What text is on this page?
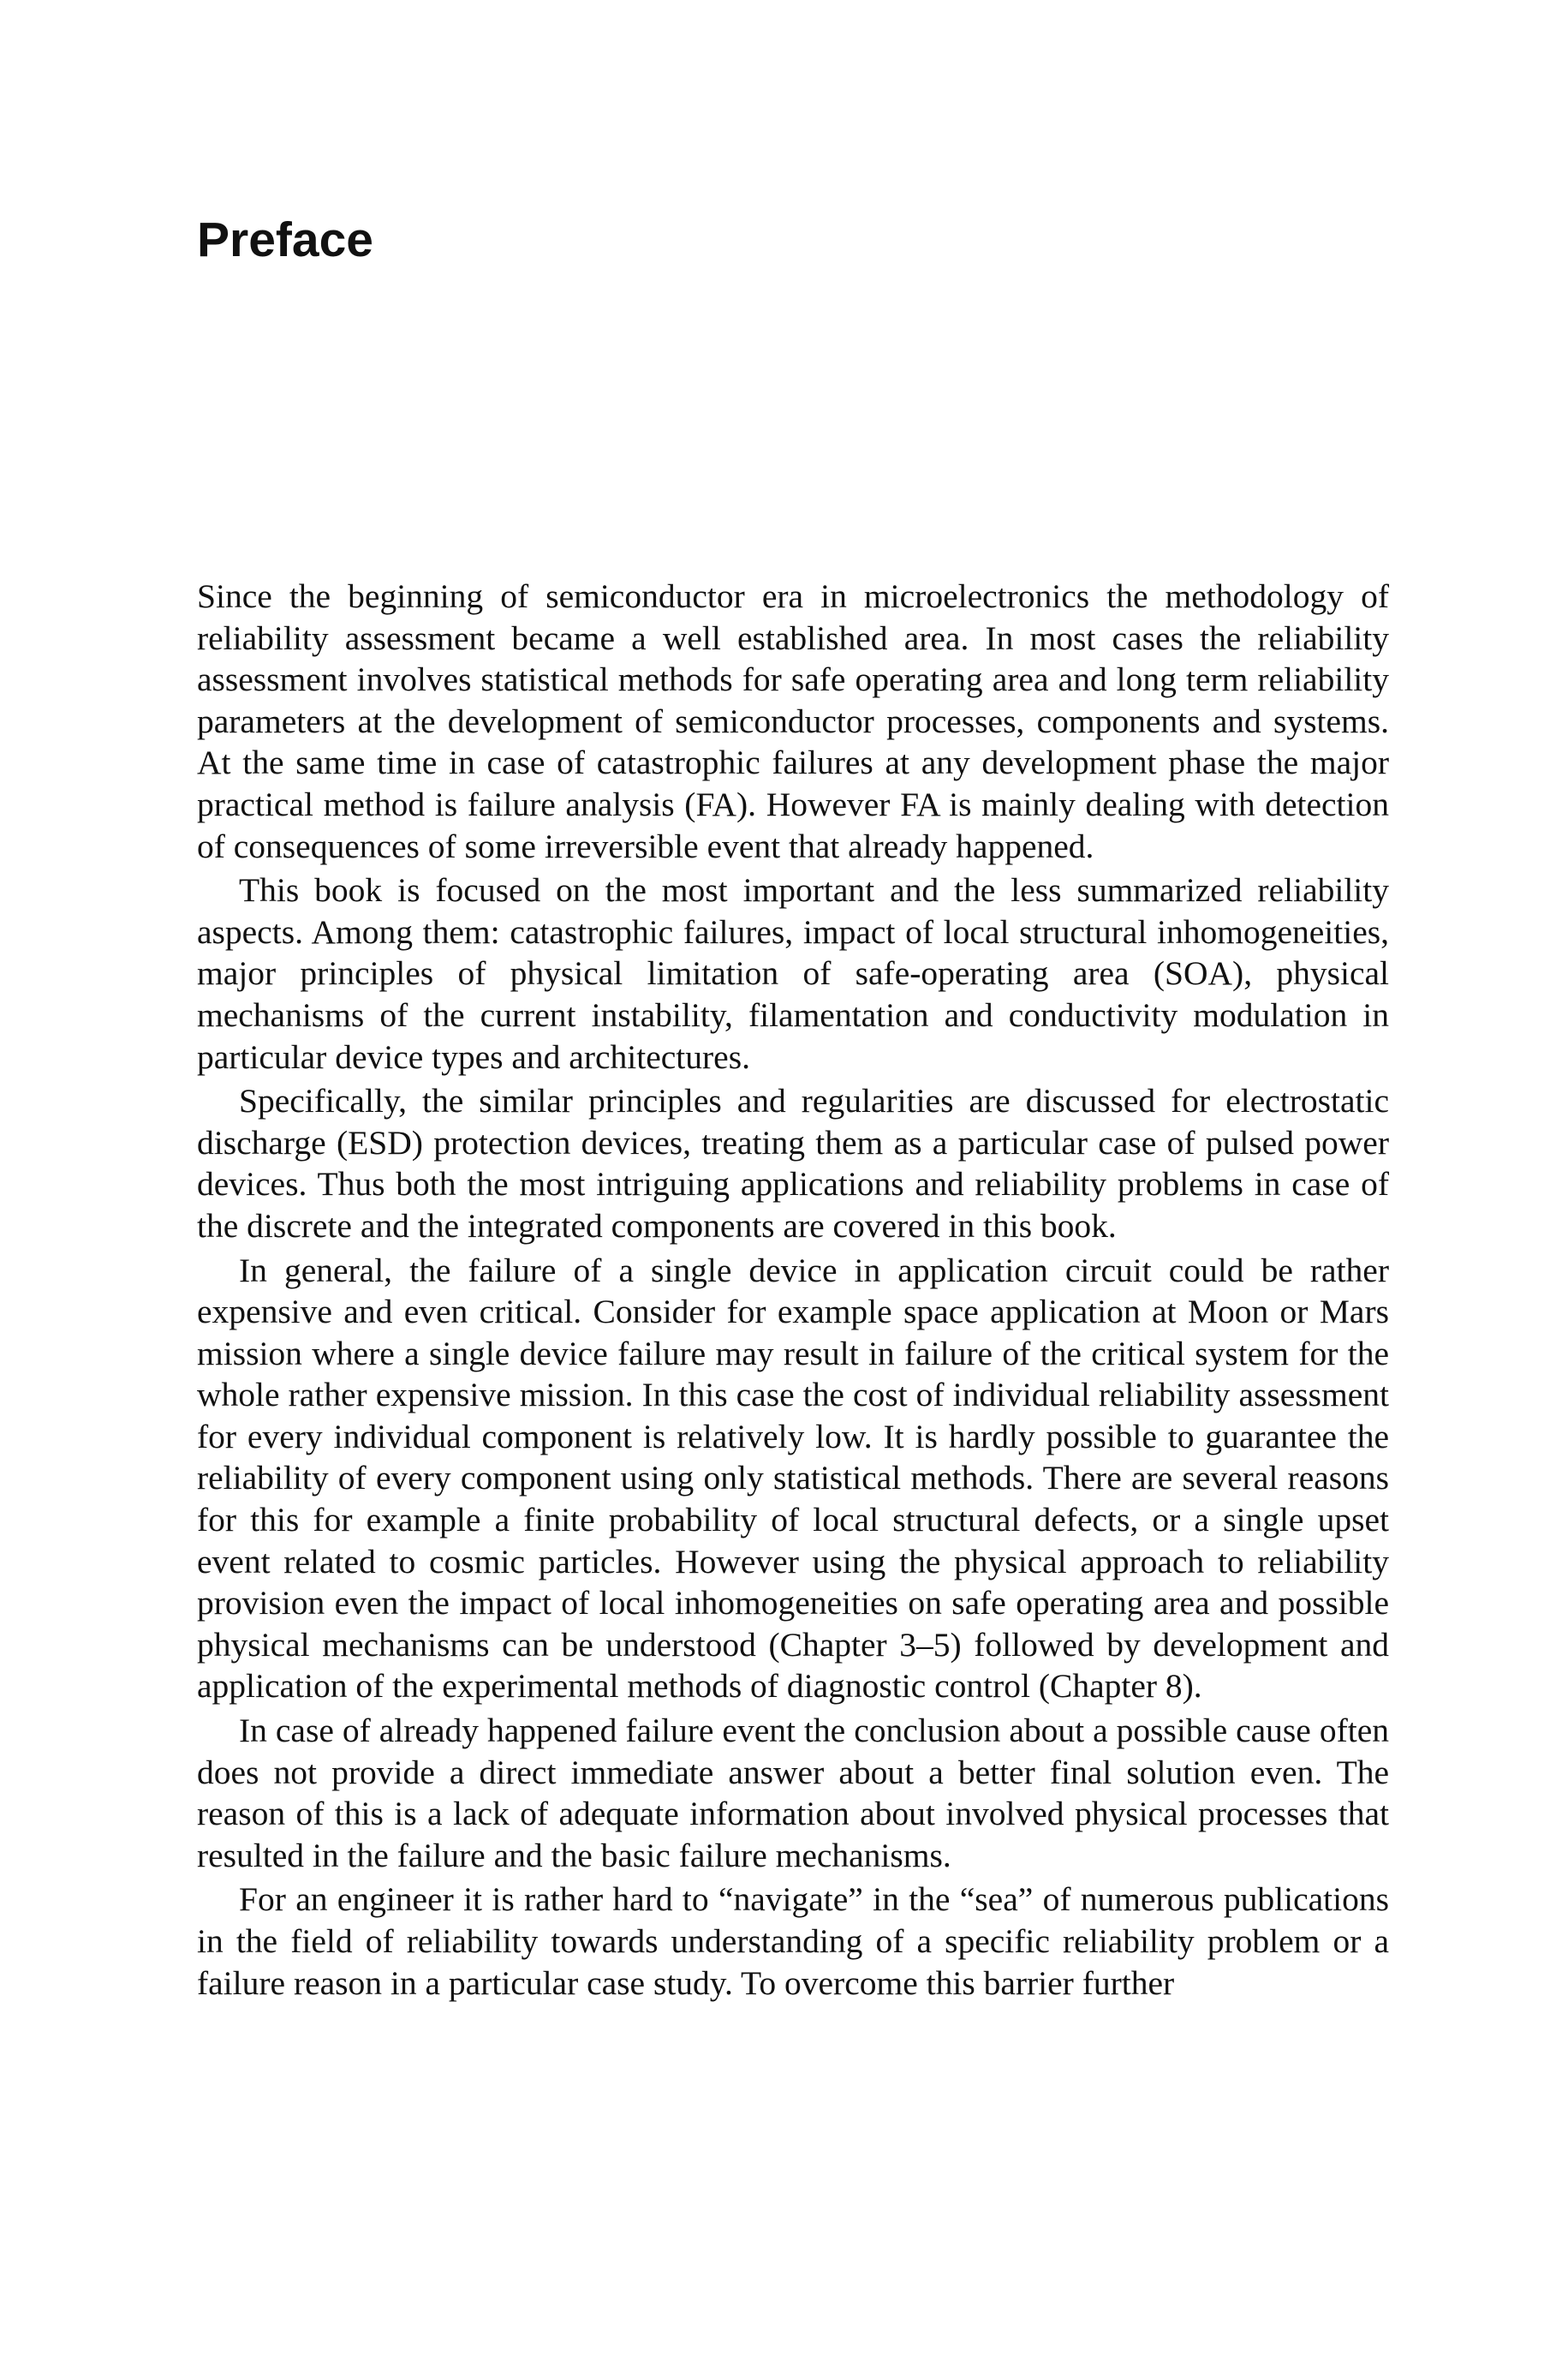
Preface

Since the beginning of semiconductor era in microelectronics the methodology of reliability assessment became a well established area. In most cases the reliability assessment involves statistical methods for safe operating area and long term reliability parameters at the development of semiconductor processes, components and systems. At the same time in case of catastrophic failures at any development phase the major practical method is failure analysis (FA). However FA is mainly dealing with detection of consequences of some irreversible event that already happened.

This book is focused on the most important and the less summarized reliability aspects. Among them: catastrophic failures, impact of local structural inhomogeneities, major principles of physical limitation of safe-operating area (SOA), physical mechanisms of the current instability, filamentation and conductivity modulation in particular device types and architectures.

Specifically, the similar principles and regularities are discussed for electrostatic discharge (ESD) protection devices, treating them as a particular case of pulsed power devices. Thus both the most intriguing applications and reliability problems in case of the discrete and the integrated components are covered in this book.

In general, the failure of a single device in application circuit could be rather expensive and even critical. Consider for example space application at Moon or Mars mission where a single device failure may result in failure of the critical system for the whole rather expensive mission. In this case the cost of individual reliability assessment for every individual component is relatively low. It is hardly possible to guarantee the reliability of every component using only statistical methods. There are several reasons for this for example a finite probability of local structural defects, or a single upset event related to cosmic particles. However using the physical approach to reliability provision even the impact of local inhomogeneities on safe operating area and possible physical mechanisms can be understood (Chapter 3–5) followed by development and application of the experimental methods of diagnostic control (Chapter 8).

In case of already happened failure event the conclusion about a possible cause often does not provide a direct immediate answer about a better final solution even. The reason of this is a lack of adequate information about involved physical processes that resulted in the failure and the basic failure mechanisms.

For an engineer it is rather hard to “navigate” in the “sea” of numerous publications in the field of reliability towards understanding of a specific reliability problem or a failure reason in a particular case study. To overcome this barrier further
